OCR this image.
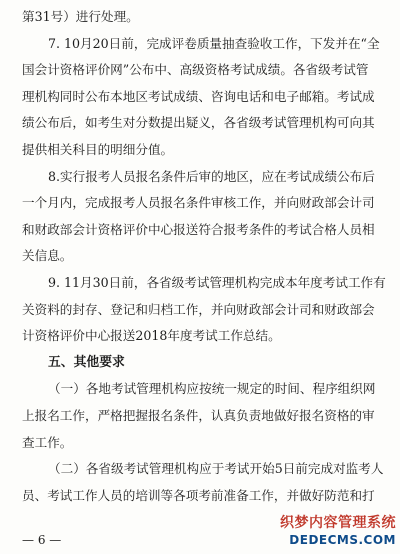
第31号）进行处理。
7. 10月20日前，完成评卷质量抽查验收工作，下发并在“全
国会计资格评价网”公布中、高级资格考试成绩。各省级考试管
理机构同时公布本地区考试成绩、咨询电话和电子邮箱。考试成
绩公布后，如考生对分数提出疑义，各省级考试管理机构可向其
提供相关科目的明细分值。
8.实行报考人员报名条件后审的地区，应在考试成绩公布后
一个月内，完成报考人员报名条件审核工作，并向财政部会计司
和财政部会计资格评价中心报送符合报考条件的考试合格人员相
关信息。
9. 11月30日前，各省级考试管理机构完成本年度考试工作有
关资料的封存、登记和归档工作，并向财政部会计司和财政部会
计资格评价中心报送2018年度考试工作总结。
五、其他要求
（一）各地考试管理机构应按统一规定的时间、程序组织网
上报名工作，严格把握报名条件，认真负责地做好报名资格的审
查工作。
（二）各省级考试管理机构应于考试开始5日前完成对监考人
员、考试工作人员的培训等各项考前准备工作，并做好防范和打
— 6 —
织梦内容管理系统
DEDECMS.COM
